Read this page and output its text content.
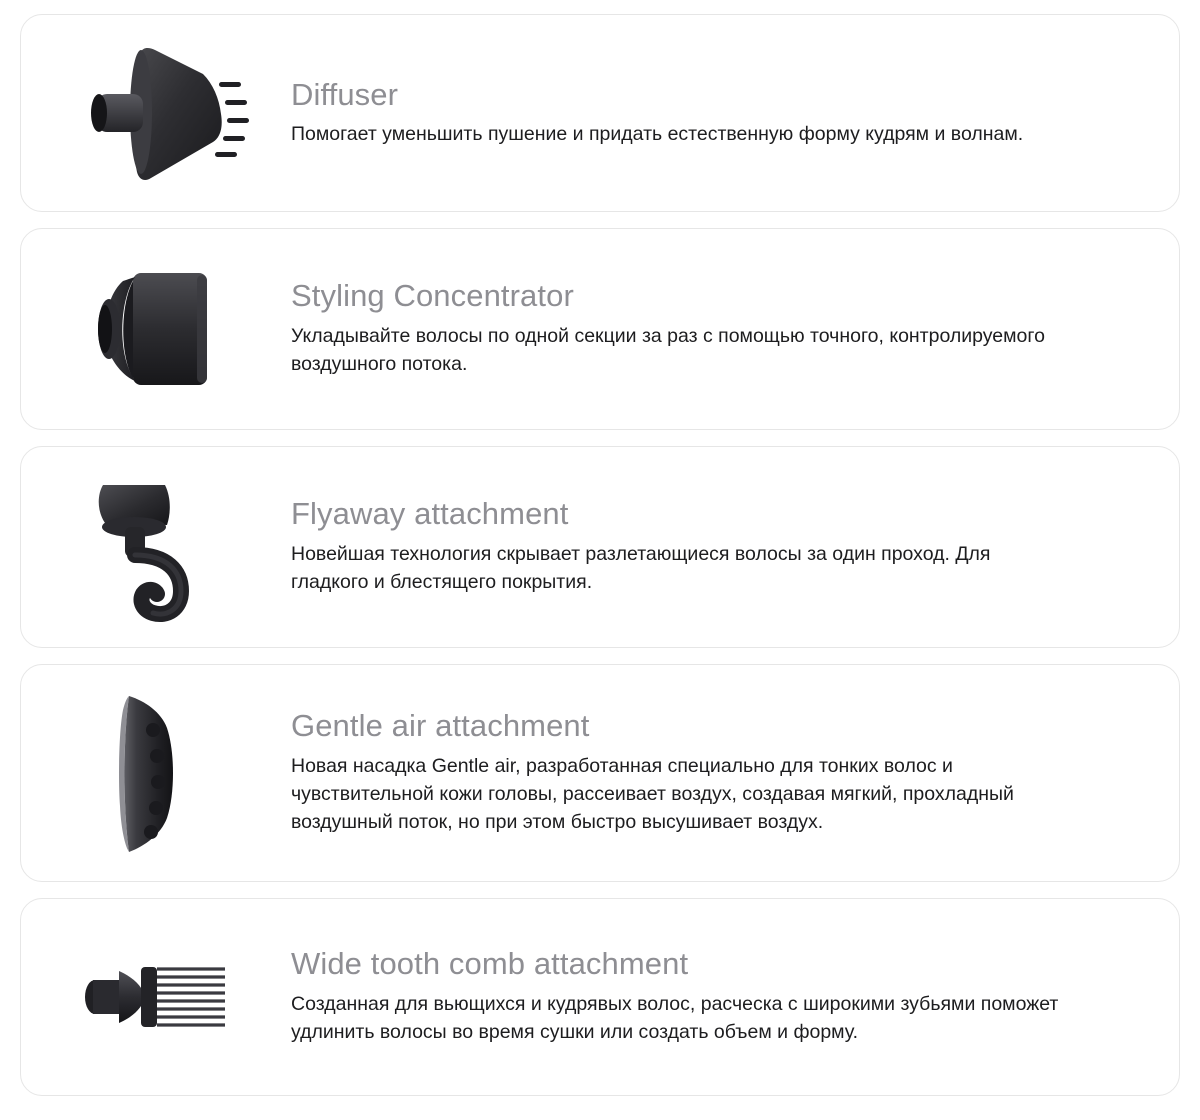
Diffuser

Помогает уменьшить пушение и придать естественную форму кудрям и волнам.

Styling Concentrator

Укладывайте волосы по одной секции за раз с помощью точного, контролируемого воздушного потока.

Flyaway attachment

Новейшая технология скрывает разлетающиеся волосы за один проход. Для гладкого и блестящего покрытия.

Gentle air attachment

Новая насадка Gentle air, разработанная специально для тонких волос и чувствительной кожи головы, рассеивает воздух, создавая мягкий, прохладный воздушный поток, но при этом быстро высушивает воздух.

Wide tooth comb attachment

Созданная для вьющихся и кудрявых волос, расческа с широкими зубьями поможет удлинить волосы во время сушки или создать объем и форму.
